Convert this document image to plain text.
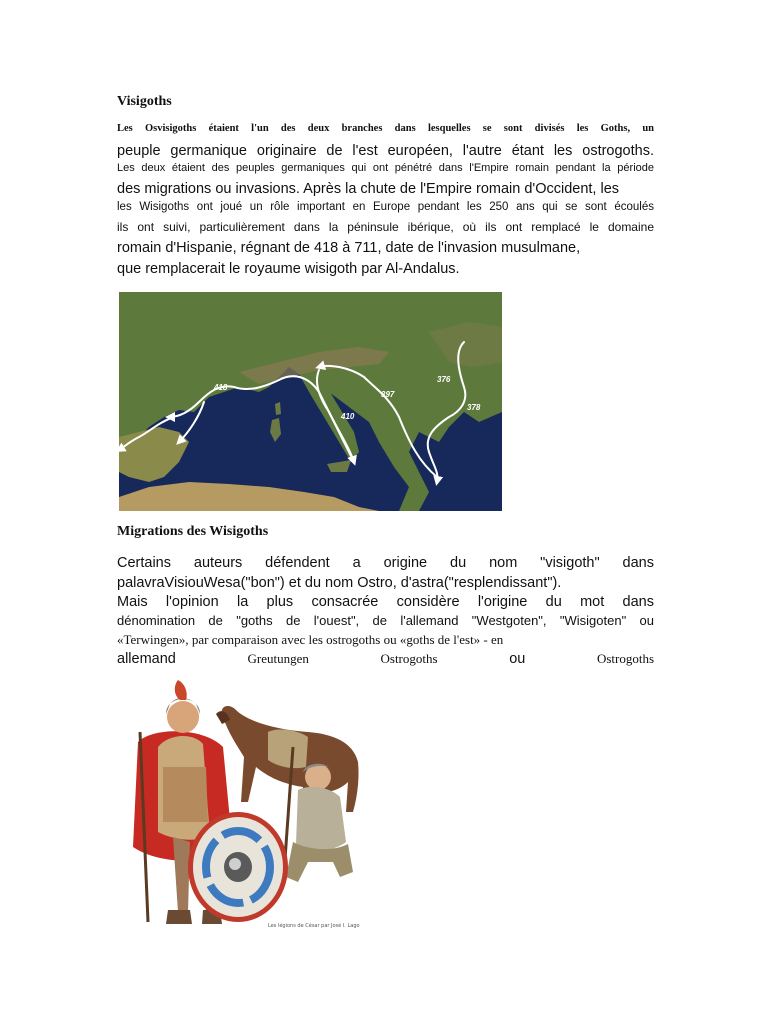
Visigoths
Les Osvisigoths étaient l'un des deux branches dans lesquelles se sont divisés les Goths, un
peuple germanique originaire de l'est européen, l'autre étant les ostrogoths.
Les deux étaient des peuples germaniques qui ont pénétré dans l'Empire romain pendant la période
des migrations ou invasions. Après la chute de l'Empire romain d'Occident, les
les Wisigoths ont joué un rôle important en Europe pendant les 250 ans qui se sont écoulés
ils ont suivi, particulièrement dans la péninsule ibérique, où ils ont remplacé le domaine
romain d'Hispanie, régnant de 418 à 711, date de l'invasion musulmane,
que remplacerait le royaume wisigoth par Al-Andalus.
418
410
397
376
378
Migrations des Wisigoths
Certains auteurs défendent a origine du nom "visigoth" dans
palavraVisiouWesa("bon") et du nom Ostro, d'astra("resplendissant").
Mais l'opinion la plus consacrée considère l'origine du mot dans
dénomination de "goths de l'ouest", de l'allemand "Westgoten", "Wisigoten" ou
«Terwingen», par comparaison avec les ostrogoths ou «goths de l'est» - en
allemand	Greutungen	Ostrogoths	ou	Ostrogoths
Les légions de César par José I. Lago
